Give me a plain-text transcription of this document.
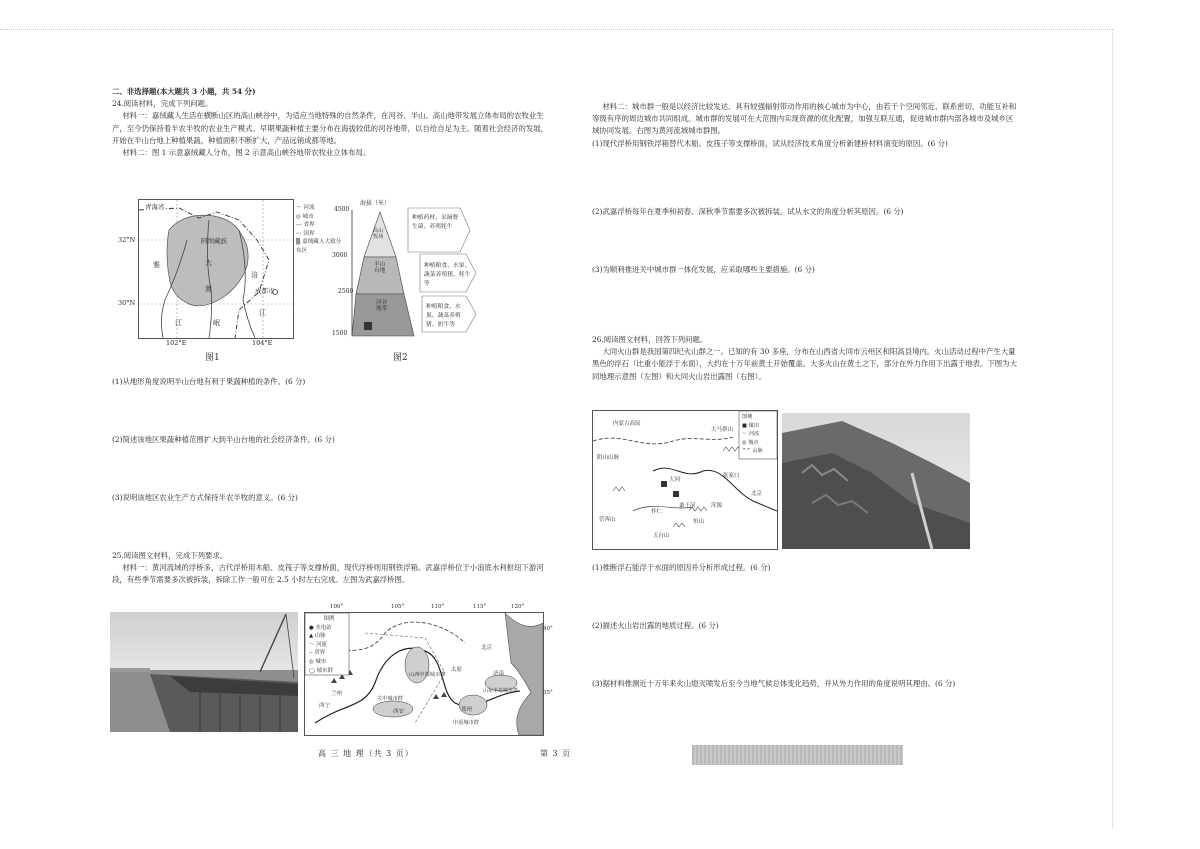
二、非选择题(本大题共 3 小题，共 54 分)

24.阅读材料，完成下列问题。

材料一：嘉绒藏人生活在横断山区的高山峡谷中，为适应当地特殊的自然条件，在河谷、半山、高山地带发展立体布局的农牧业生产，至今仍保持着半农半牧的农业生产模式。早期果蔬种植主要分布在海拔较低的河谷地带，以自给自足为主。随着社会经济的发展，开始在半山台地上种植果蔬，种植面积不断扩大，产品远销成都等地。

材料二：图 1 示意嘉绒藏人分布，图 2 示意高山峡谷地带农牧业立体布局。

青海省
阿坝藏族
雅
渡
江	岷
江
大
涪
成都市
32°N
30°N
102°E	104°E
〜 河流
◎ 城市
--- 省界
-·- 国界
▒ 嘉绒藏人大致分布区
图1
海拔（米）
4500
3000
2500
1500
高山牧场
半山台地
河谷地带
种植药材、采摘野生菌、养殖牦牛
种植粮食、水果、蔬菜养殖猪、牦牛等
种植粮食、水果、蔬菜养殖猪、奶牛等
图2

(1)从地形角度说明半山台地有利于果蔬种植的条件。(6 分)

(2)简述该地区果蔬种植范围扩大到半山台地的社会经济条件。(6 分)

(3)说明该地区农业生产方式保持半农半牧的意义。(6 分)

25.阅读图文材料，完成下列要求。

材料一：黄河流域的浮桥多，古代浮桥用木船、皮筏子等支撑桥面，现代浮桥则用钢铁浮箱。武嘉浮桥位于小浪底水利枢纽下游河段，有些季节需要多次被拆装，拆除工作一般可在 2.5 小时左右完成。左图为武嘉浮桥图。

图例
● 水电站
▲ 山脉
〜 河流
-- 省界
◎ 城市
◯ 城市群
北京
太原
山西中部城市群
关中城市群
兰州
西宁
西安	郑州
济南
中原城市群
山东半岛城市群
100°	105°	110°	115°	120°
40°
35°
高 三 地 理（共 3 页）	第 3 页

材料二：城市群一般是以经济比较发达、具有较强辐射带动作用的核心城市为中心，由若干个空间邻近、联系密切、功能互补和等级有序的周边城市共同组成。城市群的发展可在大范围内实现资源的优化配置，加强互联互通，促进城市群内部各城市及城乡区域协同发展。右图为黄河流域城市群图。

(1)现代浮桥用钢铁浮箱替代木船、皮筏子等支撑桥面，试从经济技术角度分析新建桥材料演变的原因。(6 分)

(2)武嘉浮桥每年在夏季和初春、深秋季节需要多次被拆装。试从水文的角度分析其原因。(6 分)

(3)为顺利推进关中城市群一体化发展，应采取哪些主要措施。(6 分)

26.阅读图文材料，回答下列问题。

大同火山群是我国第四纪火山群之一。已知的有 30 多座，分布在山西省大同市云州区和阳高县境内。火山活动过程中产生大量黑色的浮石（比重小能浮于水面），大约在十万年前黄土开始覆盖。大多火山在黄土之下，部分在外力作用下出露于地表。下图为大同地理示意图（左图）和大同火山岩出露图（右图）。

图例
■ 煤田
〜 河流
◎ 城市
^^ 山脉
内蒙古高原
大马群山
阴山山脉
张家口
大同
桑干河
恒山
五台山
管涔山
怀仁
浑源
北京

(1)推断浮石能浮于水面的原因并分析形成过程。(6 分)

(2)描述火山岩出露的地质过程。(6 分)

(3)据材料推测近十万年来火山熄灭喷发后至今当地气候总体变化趋势，并从外力作用的角度说明其理由。(6 分)
